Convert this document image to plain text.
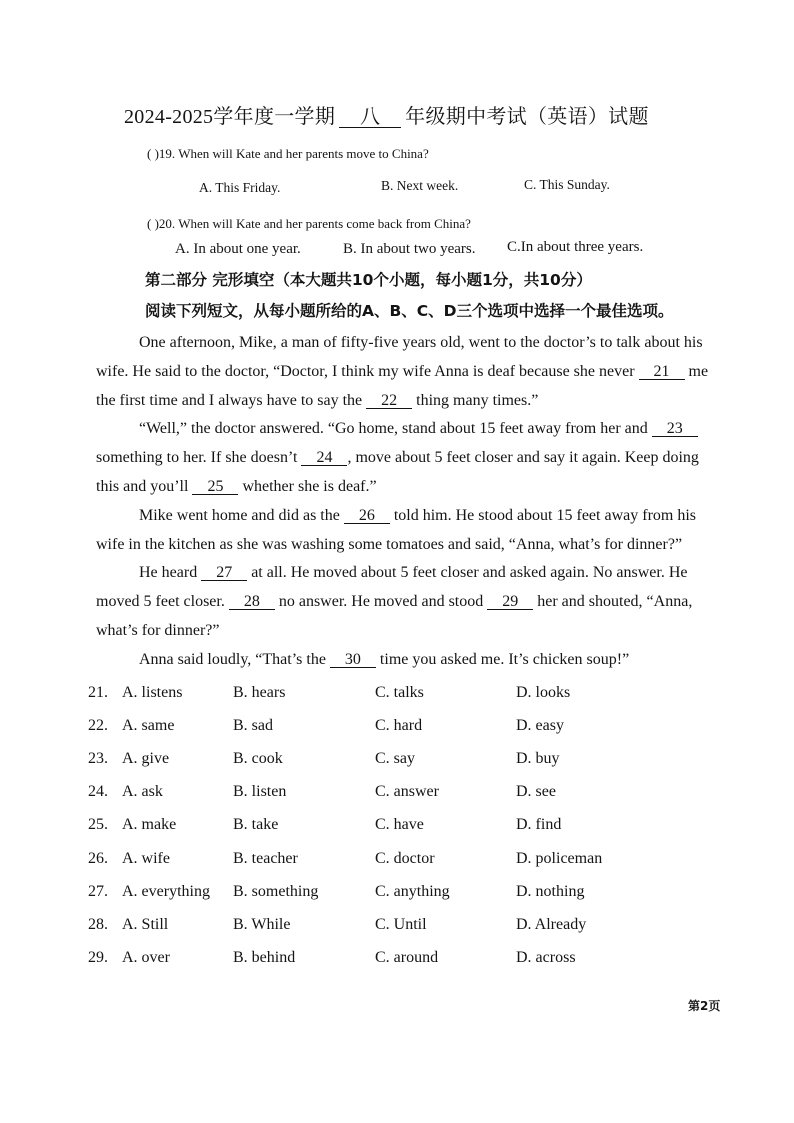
2024-2025学年度一学期 八 年级期中考试（英语）试题
( )19. When will Kate and her parents move to China?
A. This Friday.	B. Next week.	C. This Sunday.
( )20. When will Kate and her parents come back from China?
A. In about one year.	B. In about two years. C.In about three years.
第二部分 完形填空（本大题共10个小题，每小题1分，共10分）
阅读下列短文，从每小题所给的A、B、C、D三个选项中选择一个最佳选项。
One afternoon, Mike, a man of fifty-five years old, went to the doctor’s to talk about his wife. He said to the doctor, “Doctor, I think my wife Anna is deaf because she never 21 me the first time and I always have to say the 22 thing many times.”
“Well,” the doctor answered. “Go home, stand about 15 feet away from her and 23 something to her. If she doesn’t 24 , move about 5 feet closer and say it again. Keep doing this and you’ll 25 whether she is deaf.”
Mike went home and did as the 26 told him. He stood about 15 feet away from his wife in the kitchen as she was washing some tomatoes and said, “Anna, what’s for dinner?”
He heard 27 at all. He moved about 5 feet closer and asked again. No answer. He moved 5 feet closer. 28 no answer. He moved and stood 29 her and shouted, “Anna, what’s for dinner?”
Anna said loudly, “That’s the 30 time you asked me. It’s chicken soup!”
21. A. listens	B. hears	C. talks	D. looks
22. A. same	B. sad	C. hard	D. easy
23. A. give	B. cook	C. say	D. buy
24. A. ask	B. listen	C. answer	D. see
25. A. make	B. take	C. have	D. find
26. A. wife	B. teacher	C. doctor	D. policeman
27. A. everything B. something	C. anything	D. nothing
28. A. Still	B. While	C. Until	D. Already
29. A. over	B. behind	C. around	D. across
第2页
